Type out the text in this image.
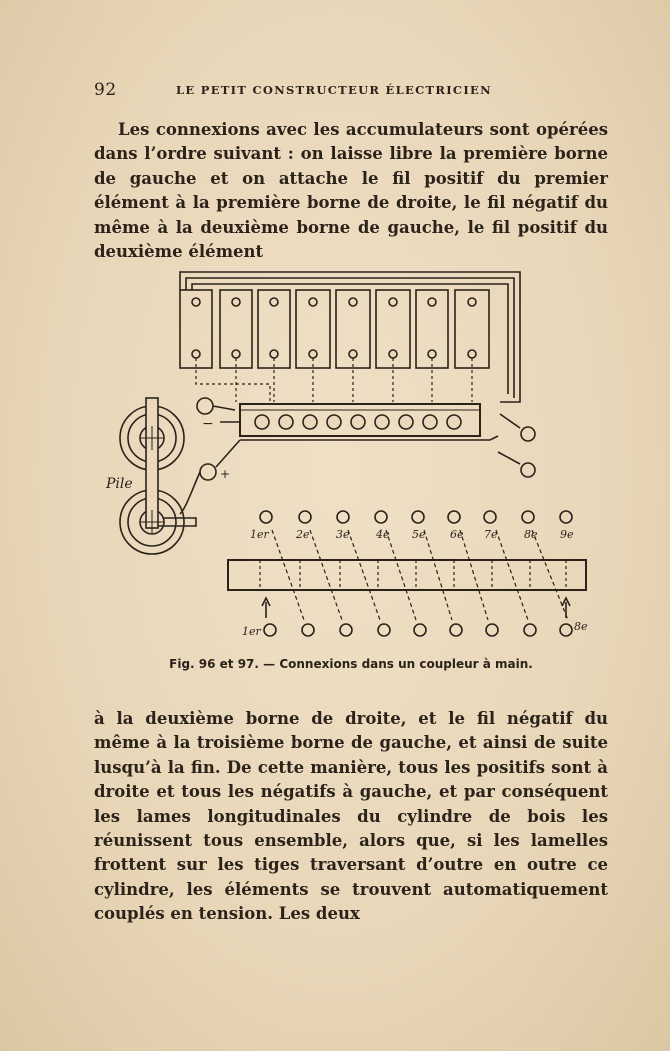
92	LE PETIT CONSTRUCTEUR ÉLECTRICIEN
Les connexions avec les accumulateurs sont opérées dans l’ordre suivant : on laisse libre la première borne de gauche et on attache le fil positif du premier élément à la première borne de droite, le fil négatif du même à la deuxième borne de gauche, le fil positif du deuxième élément
Pile
−
+
1er 2e 3e 4e 5e 6e 7e 8e 9e
1er	8e
Fig. 96 et 97. — Connexions dans un coupleur à main.
à la deuxième borne de droite, et le fil négatif du même à la troisième borne de gauche, et ainsi de suite lusqu’à la fin. De cette manière, tous les positifs sont à droite et tous les négatifs à gauche, et par conséquent les lames longitudinales du cylindre de bois les réunissent tous ensemble, alors que, si les lamelles frottent sur les tiges traversant d’outre en outre ce cylindre, les éléments se trouvent automatiquement couplés en tension. Les deux
